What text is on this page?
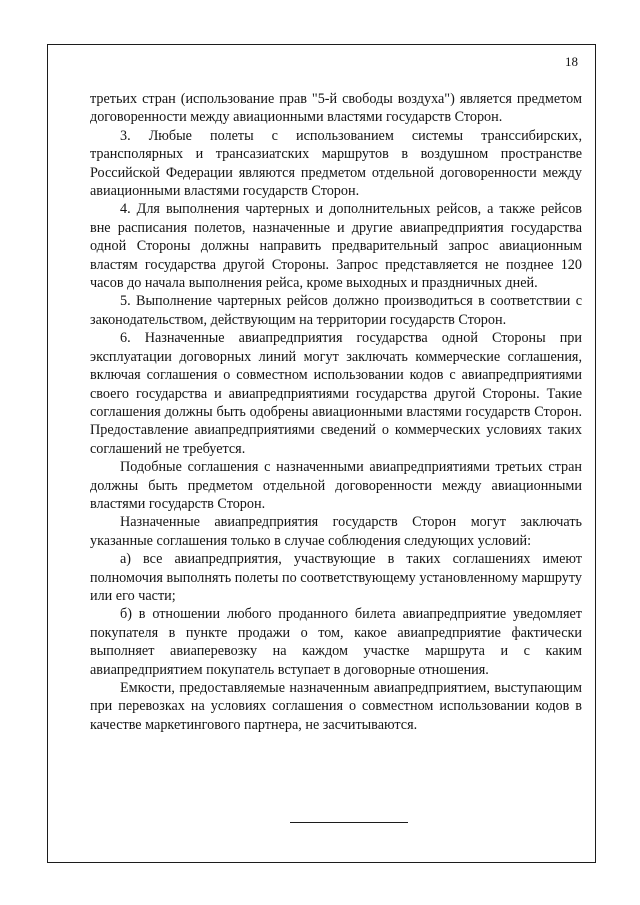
18

третьих стран (использование прав "5-й свободы воздуха") является предметом договоренности между авиационными властями государств Сторон.

3. Любые полеты с использованием системы транссибирских, трансполярных и трансазиатских маршрутов в воздушном пространстве Российской Федерации являются предметом отдельной договоренности между авиационными властями государств Сторон.

4. Для выполнения чартерных и дополнительных рейсов, а также рейсов вне расписания полетов, назначенные и другие авиапредприятия государства одной Стороны должны направить предварительный запрос авиационным властям государства другой Стороны. Запрос представляется не позднее 120 часов до начала выполнения рейса, кроме выходных и праздничных дней.

5. Выполнение чартерных рейсов должно производиться в соответствии с законодательством, действующим на территории государств Сторон.

6. Назначенные авиапредприятия государства одной Стороны при эксплуатации договорных линий могут заключать коммерческие соглашения, включая соглашения о совместном использовании кодов с авиапредприятиями своего государства и авиапредприятиями государства другой Стороны. Такие соглашения должны быть одобрены авиационными властями государств Сторон. Предоставление авиапредприятиями сведений о коммерческих условиях таких соглашений не требуется.

Подобные соглашения с назначенными авиапредприятиями третьих стран должны быть предметом отдельной договоренности между авиационными властями государств Сторон.

Назначенные авиапредприятия государств Сторон могут заключать указанные соглашения только в случае соблюдения следующих условий:

а) все авиапредприятия, участвующие в таких соглашениях имеют полномочия выполнять полеты по соответствующему установленному маршруту или его части;

б) в отношении любого проданного билета авиапредприятие уведомляет покупателя в пункте продажи о том, какое авиапредприятие фактически выполняет авиаперевозку на каждом участке маршрута и с каким авиапредприятием покупатель вступает в договорные отношения.

Емкости, предоставляемые назначенным авиапредприятием, выступающим при перевозках на условиях соглашения о совместном использовании кодов в качестве маркетингового партнера, не засчитываются.
